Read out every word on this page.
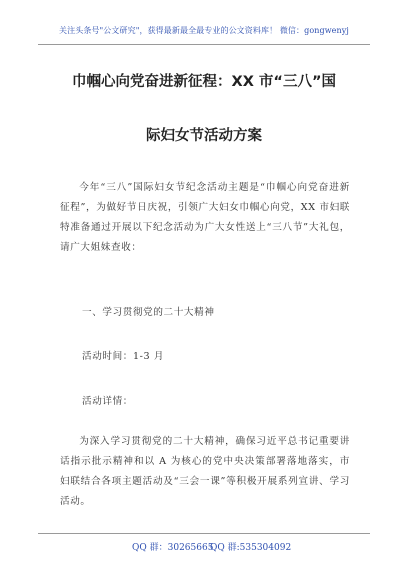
关注头条号"公文研究"，获得最新最全最专业的公文资料库！ 微信：gongwenyj
巾帼心向党奋进新征程：XX 市“三八”国
际妇女节活动方案
今年“三八”国际妇女节纪念活动主题是“巾帼心向党奋进新征程”，为做好节日庆祝，引领广大妇女巾帼心向党，XX 市妇联特准备通过开展以下纪念活动为广大女性送上“三八节”大礼包，请广大姐妹查收：
一、学习贯彻党的二十大精神
活动时间：1-3 月
活动详情：
为深入学习贯彻党的二十大精神，确保习近平总书记重要讲话指示批示精神和以 A 为核心的党中央决策部署落地落实，市妇联结合各项主题活动及“三会一课”等积极开展系列宣讲、学习活动。
QQ 群：30265665
QQ 群:535304092
